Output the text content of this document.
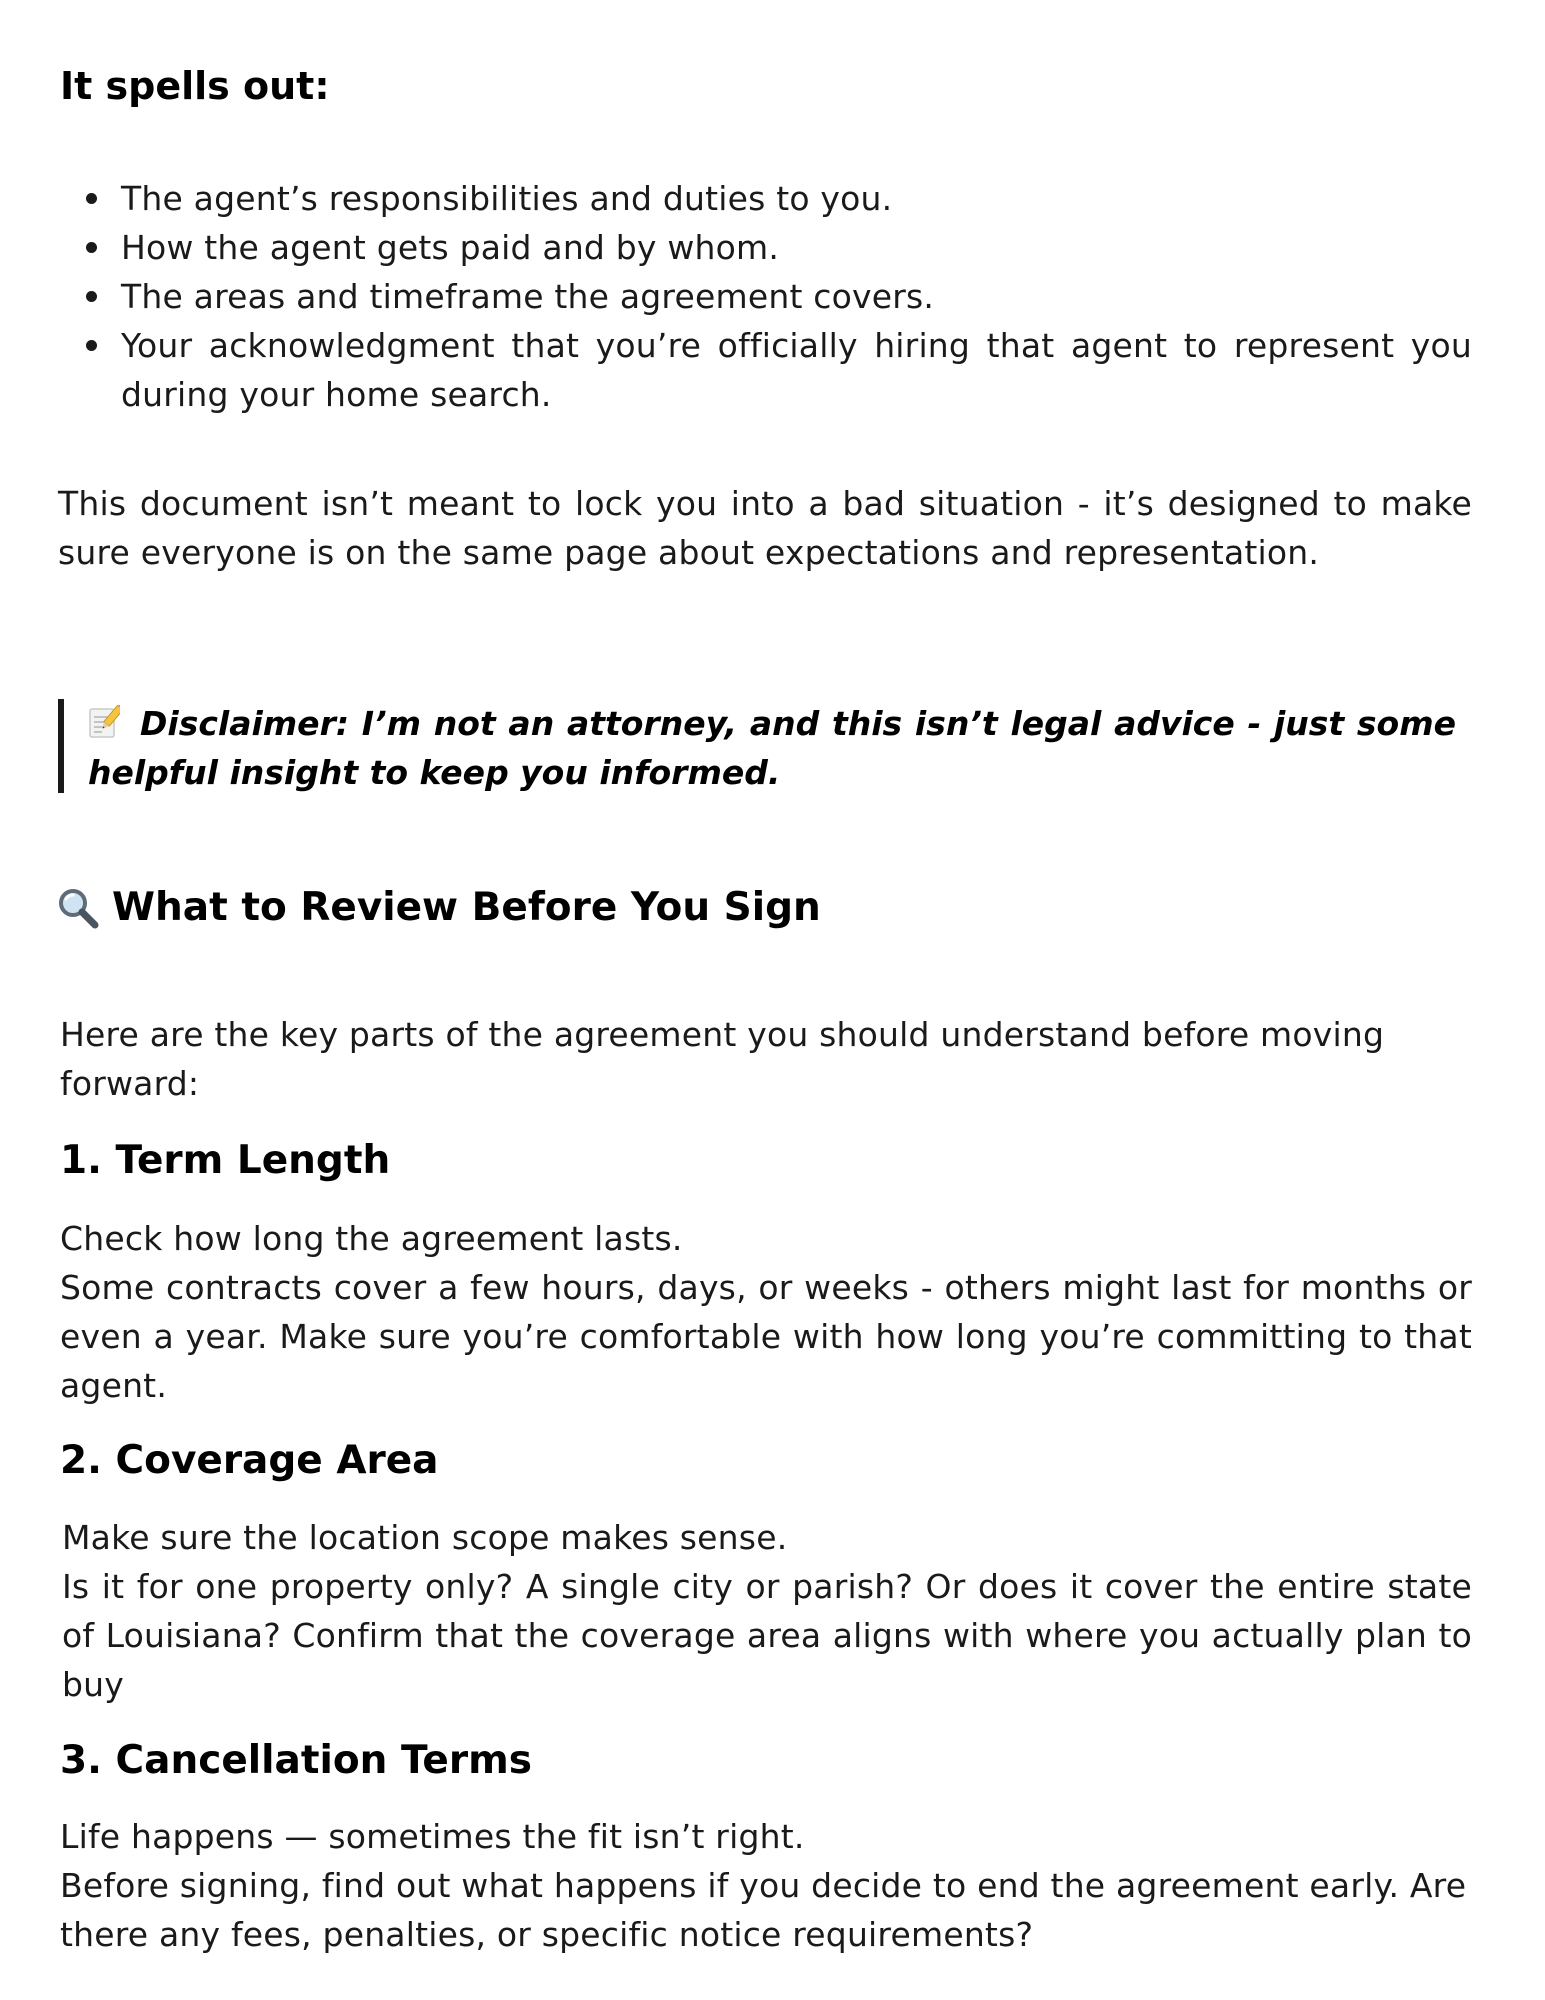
It spells out:
The agent’s responsibilities and duties to you.
How the agent gets paid and by whom.
The areas and timeframe the agreement covers.
Your acknowledgment that you’re officially hiring that agent to represent you during your home search.

This document isn’t meant to lock you into a bad situation - it’s designed to make sure everyone is on the same page about expectations and representation.

Disclaimer: I’m not an attorney, and this isn’t legal advice - just some helpful insight to keep you informed.

What to Review Before You Sign

Here are the key parts of the agreement you should understand before moving forward:

1. Term Length

Check how long the agreement lasts.
Some contracts cover a few hours, days, or weeks - others might last for months or even a year. Make sure you’re comfortable with how long you’re committing to that agent.

2. Coverage Area

Make sure the location scope makes sense.
Is it for one property only? A single city or parish? Or does it cover the entire state of Louisiana? Confirm that the coverage area aligns with where you actually plan to buy

3. Cancellation Terms

Life happens — sometimes the fit isn’t right.
Before signing, find out what happens if you decide to end the agreement early. Are there any fees, penalties, or specific notice requirements?
